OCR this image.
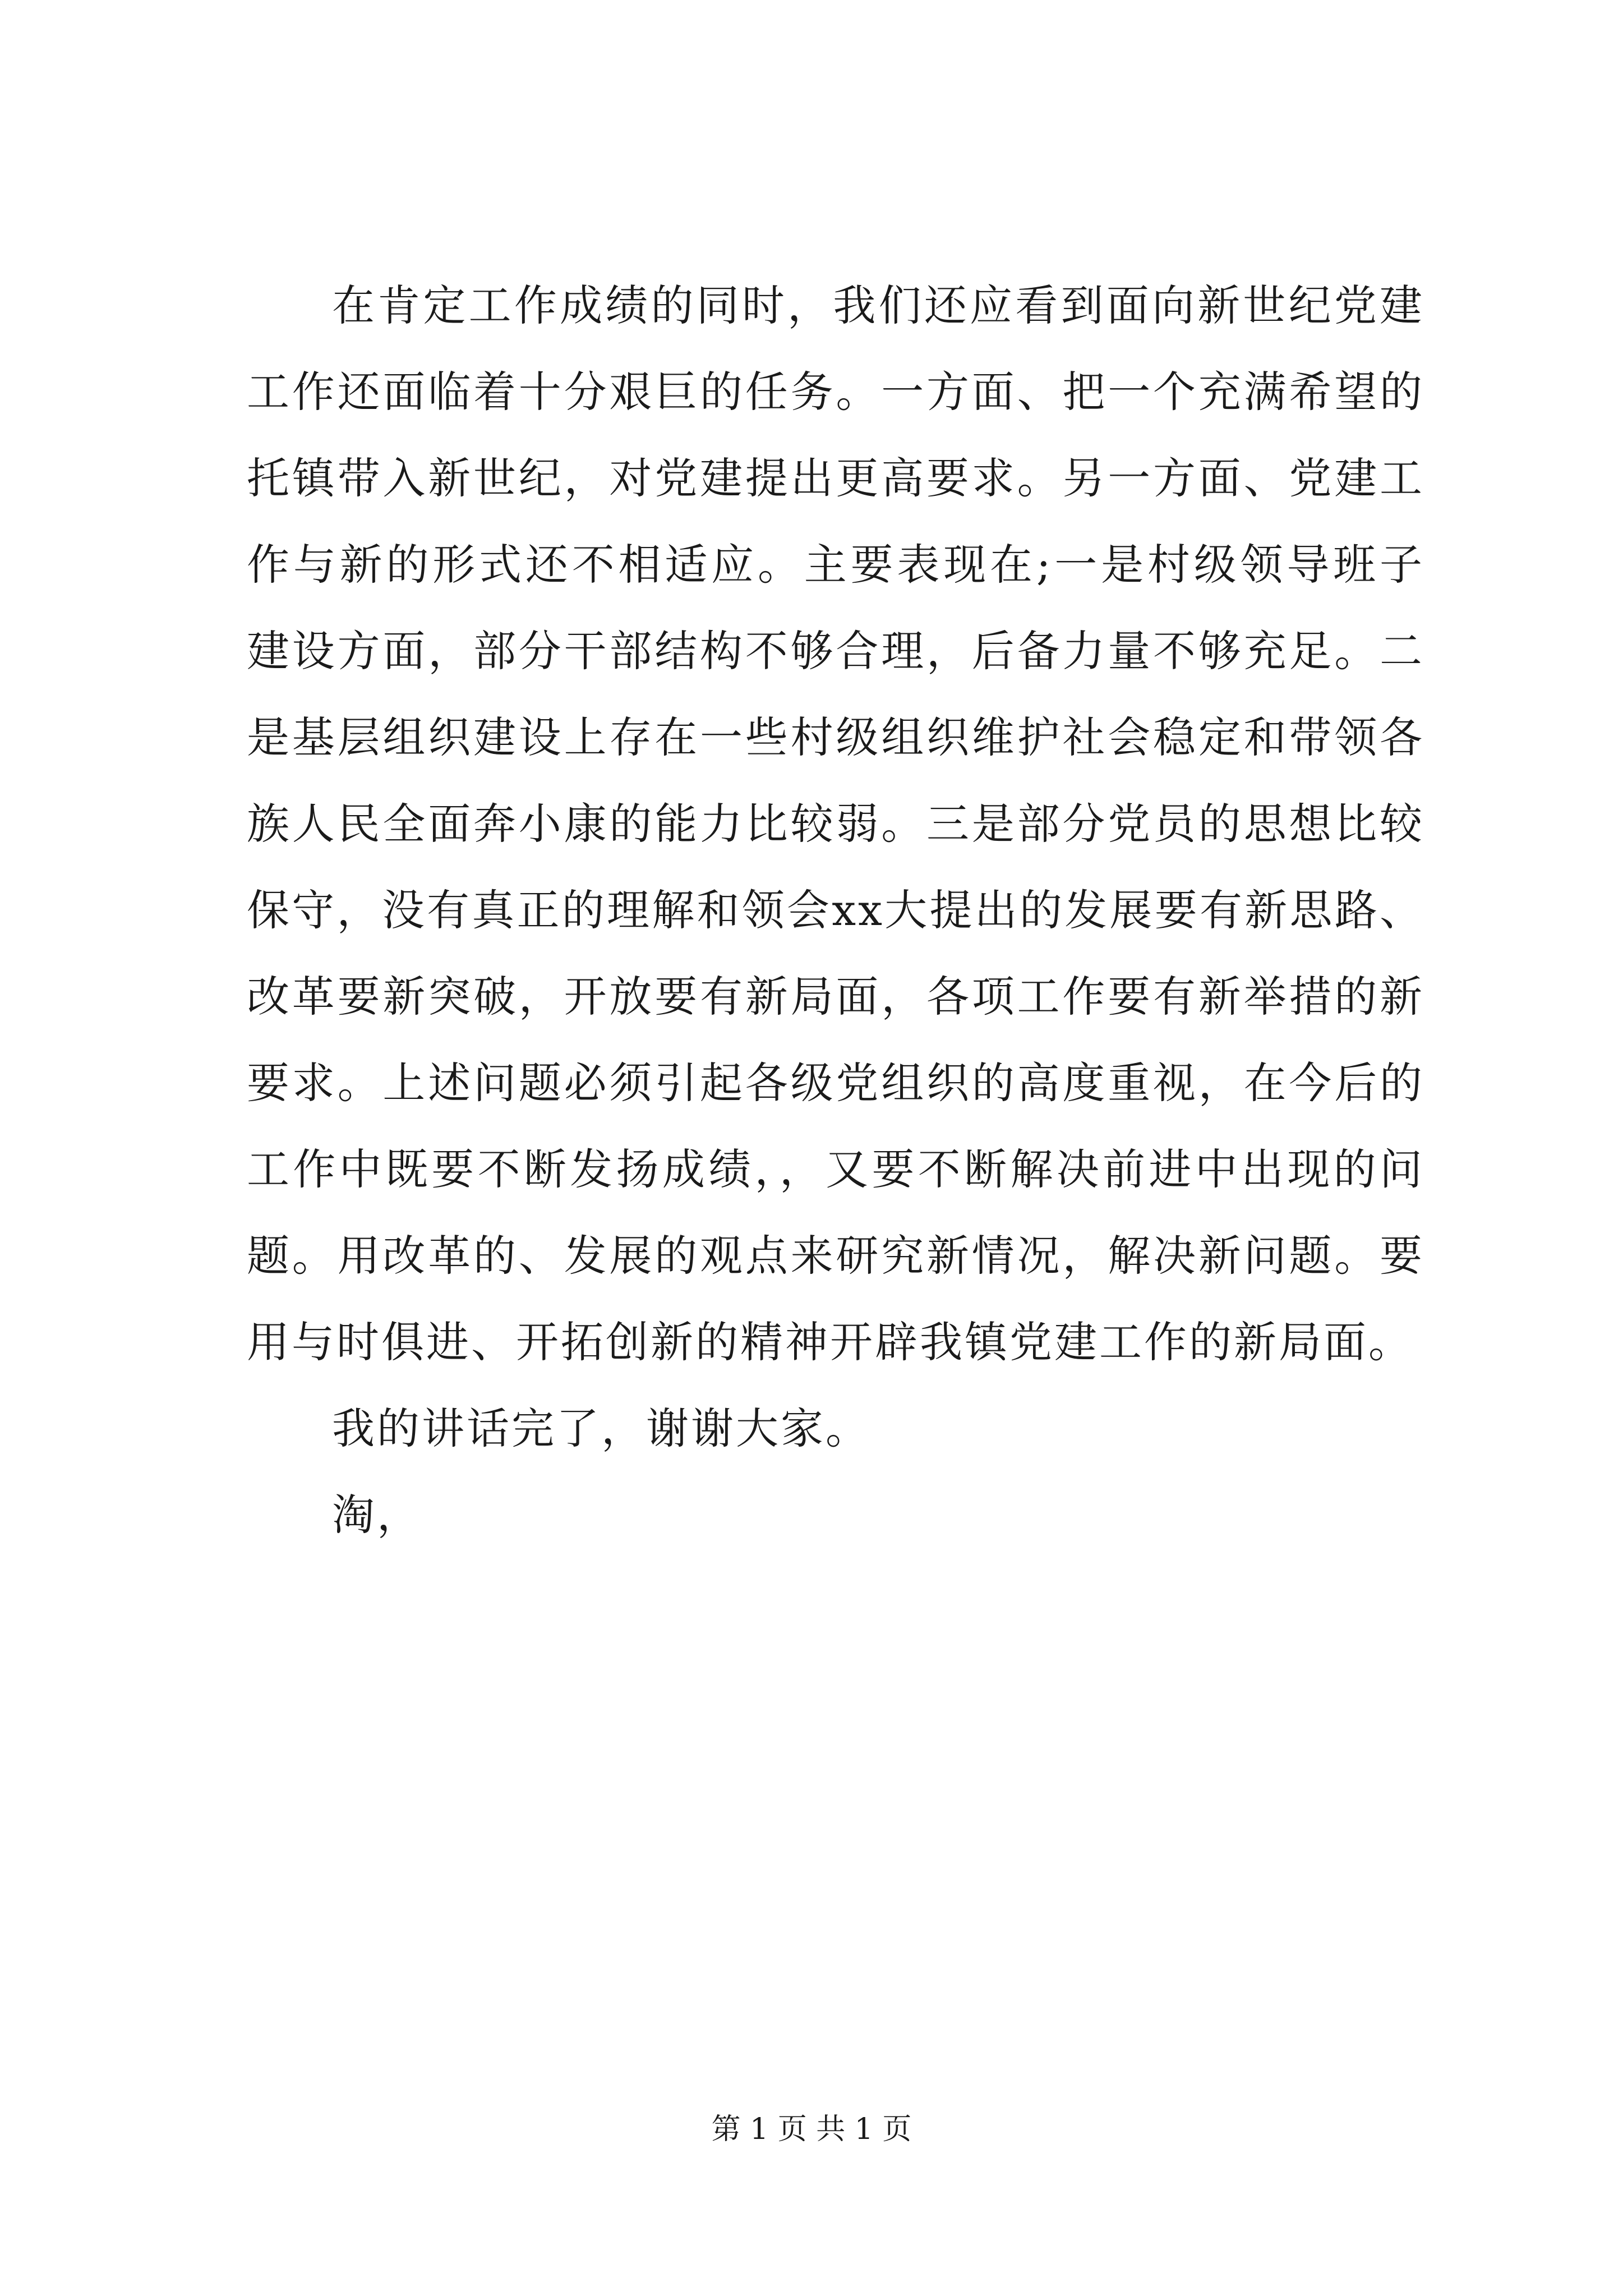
在肯定工作成绩的同时，我们还应看到面向新世纪党建工作还面临着十分艰巨的任务。一方面、把一个充满希望的托镇带入新世纪，对党建提出更高要求。另一方面、党建工作与新的形式还不相适应。主要表现在;一是村级领导班子建设方面，部分干部结构不够合理，后备力量不够充足。二是基层组织建设上存在一些村级组织维护社会稳定和带领各族人民全面奔小康的能力比较弱。三是部分党员的思想比较保守，没有真正的理解和领会xx大提出的发展要有新思路、改革要新突破，开放要有新局面，各项工作要有新举措的新要求。上述问题必须引起各级党组织的高度重视，在今后的工作中既要不断发扬成绩，，又要不断解决前进中出现的问题。用改革的、发展的观点来研究新情况，解决新问题。要用与时俱进、开拓创新的精神开辟我镇党建工作的新局面。

我的讲话完了，谢谢大家。

淘，

第 1 页 共 1 页
